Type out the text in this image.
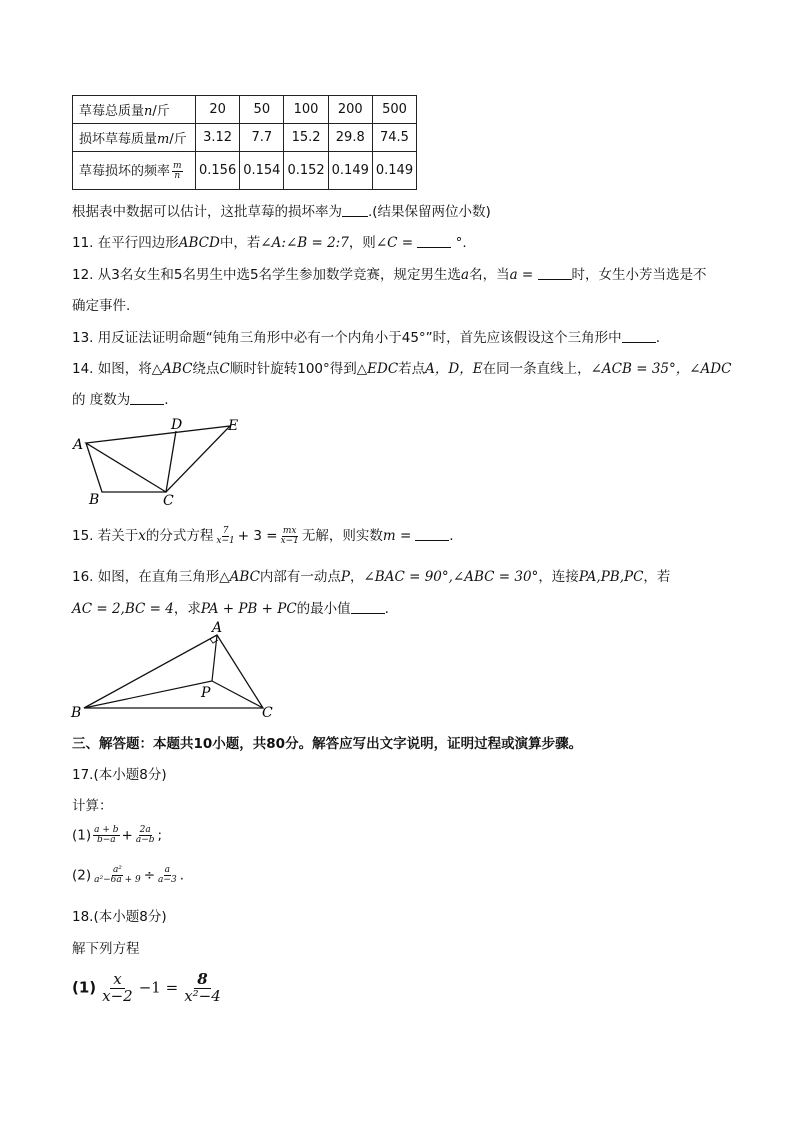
草莓总质量n/斤	20	50	100	200	500
损坏草莓质量m/斤	3.12	7.7	15.2	29.8	74.5
草莓损坏的频率 $\frac{m}{n}$	0.156	0.154	0.152	0.149	0.149
根据表中数据可以估计，这批草莓的损坏率为 .(结果保留两位小数)
11. 在平行四边形ABCD中，若∠A:∠B = 2:7，则∠C =	°.
12. 从3名女生和5名男生中选5名学生参加数学竞赛，规定男生选a名，当a =	时，女生小芳当选是不
确定事件.
13. 用反证法证明命题“钝角三角形中必有一个内角小于45°”时，首先应该假设这个三角形中	.
14. 如图，将△ABC绕点C顺时针旋转100°得到△EDC若点A，D，E在同一条直线上，∠ACB = 35°，∠ADC
的 度数为	.
A
B	C
D	E
15. 若关于x的分式方程 $\frac{7}{x-1} + 3 = \frac{mx}{x-1}$ 无解，则实数m =	.
16. 如图，在直角三角形△ABC内部有一动点P，∠BAC = 90°,∠ABC = 30°，连接PA,PB,PC，若
AC = 2,BC = 4，求PA + PB + PC的最小值	.
A
B	C
P
三、解答题：本题共10小题，共80分。解答应写出文字说明，证明过程或演算步骤。
17.(本小题8分)
计算：
$(1) \frac{a + b}{b-a} + \frac{2a}{a-b}$ ;
$(2) \frac{\text{a²}}{\text{a²−6a + 9}} \div \frac{a}{a-3}$ .
18.(本小题8分)
解下列方程
$(1) \frac{x}{x-2} -1 = \frac{8}{\text{x²−4}}$
